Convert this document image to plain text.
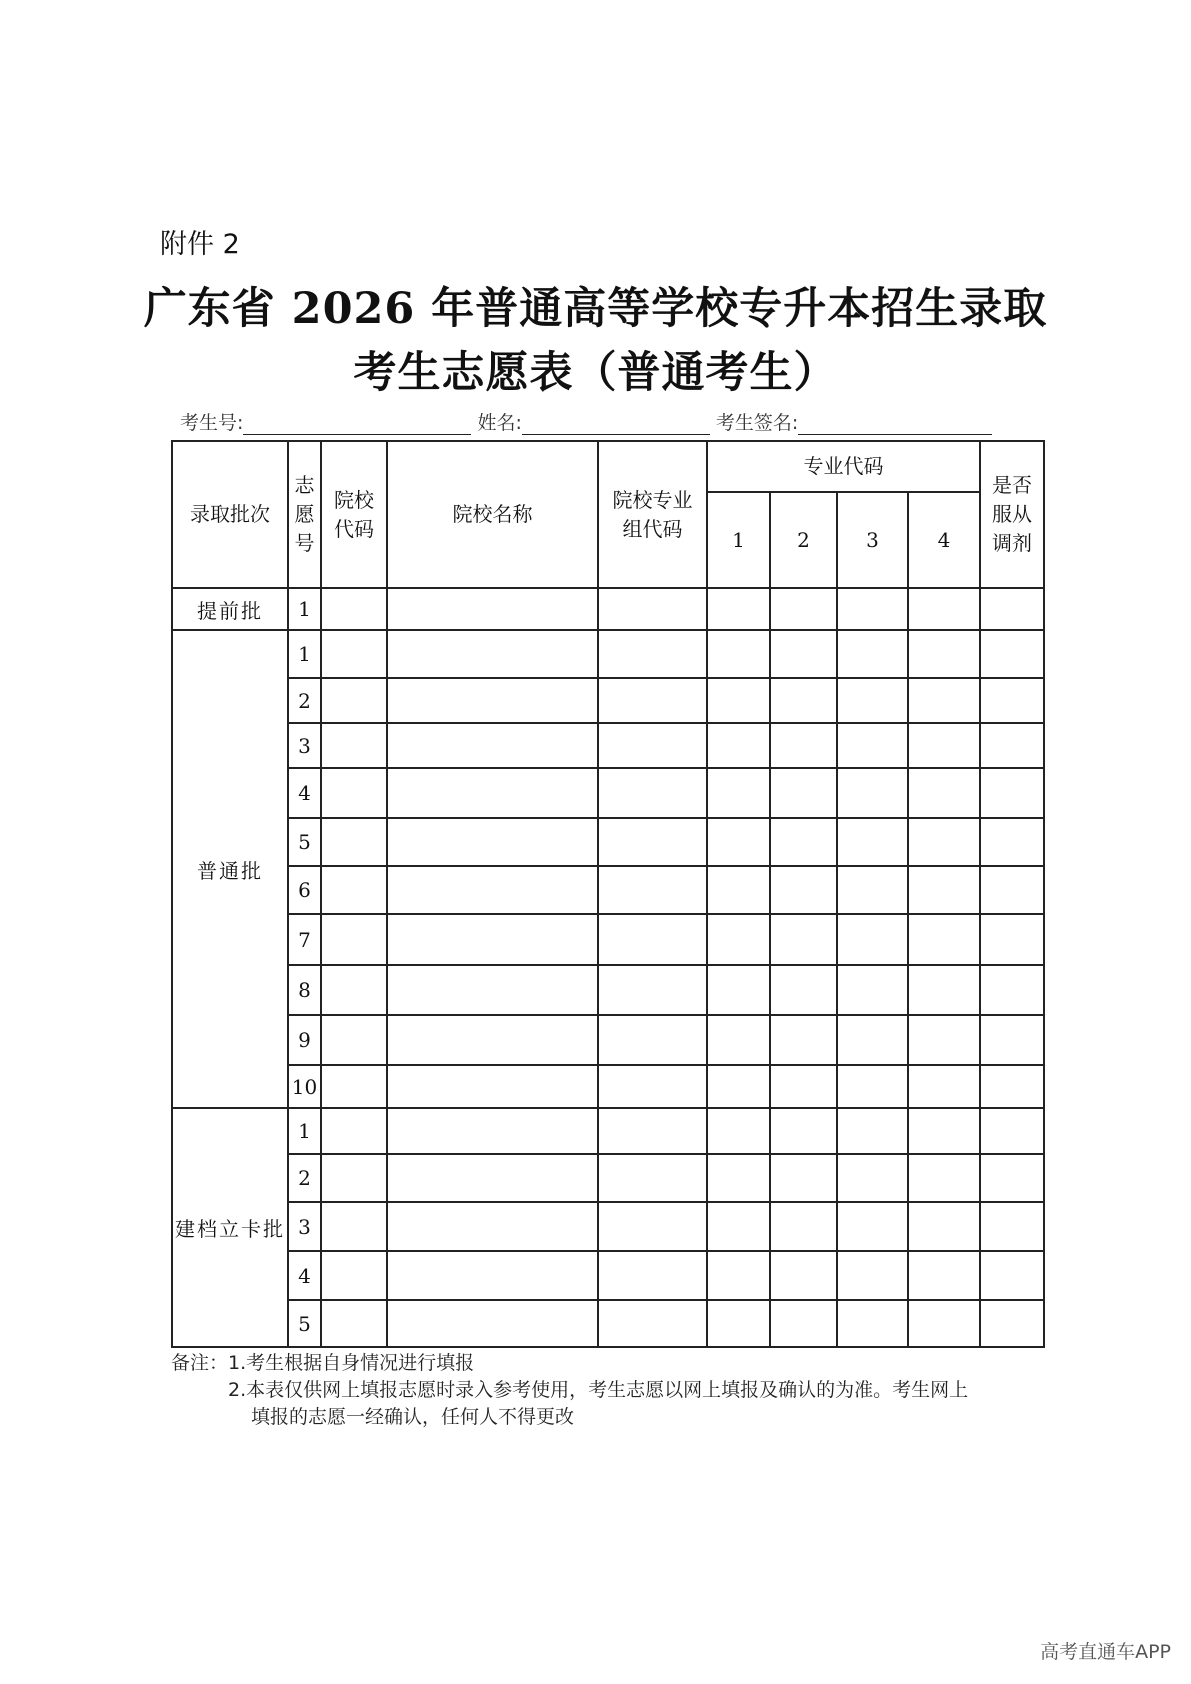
附件 2
广东省 2026 年普通高等学校专升本招生录取
考生志愿表（普通考生）
考生号:	姓名:	考生签名:
录取批次	志愿号	院校代码	院校名称	院校专业组代码	专业代码				是否服从调剂
					1	2	3	4	
提前批	1								
普通批	1								
	2								
	3								
	4								
	5								
	6								
	7								
	8								
	9								
	10								
建档立卡批	1								
	2								
	3								
	4								
	5								
备注：1.考生根据自身情况进行填报
2.本表仅供网上填报志愿时录入参考使用，考生志愿以网上填报及确认的为准。考生网上
填报的志愿一经确认，任何人不得更改
高考直通车APP
